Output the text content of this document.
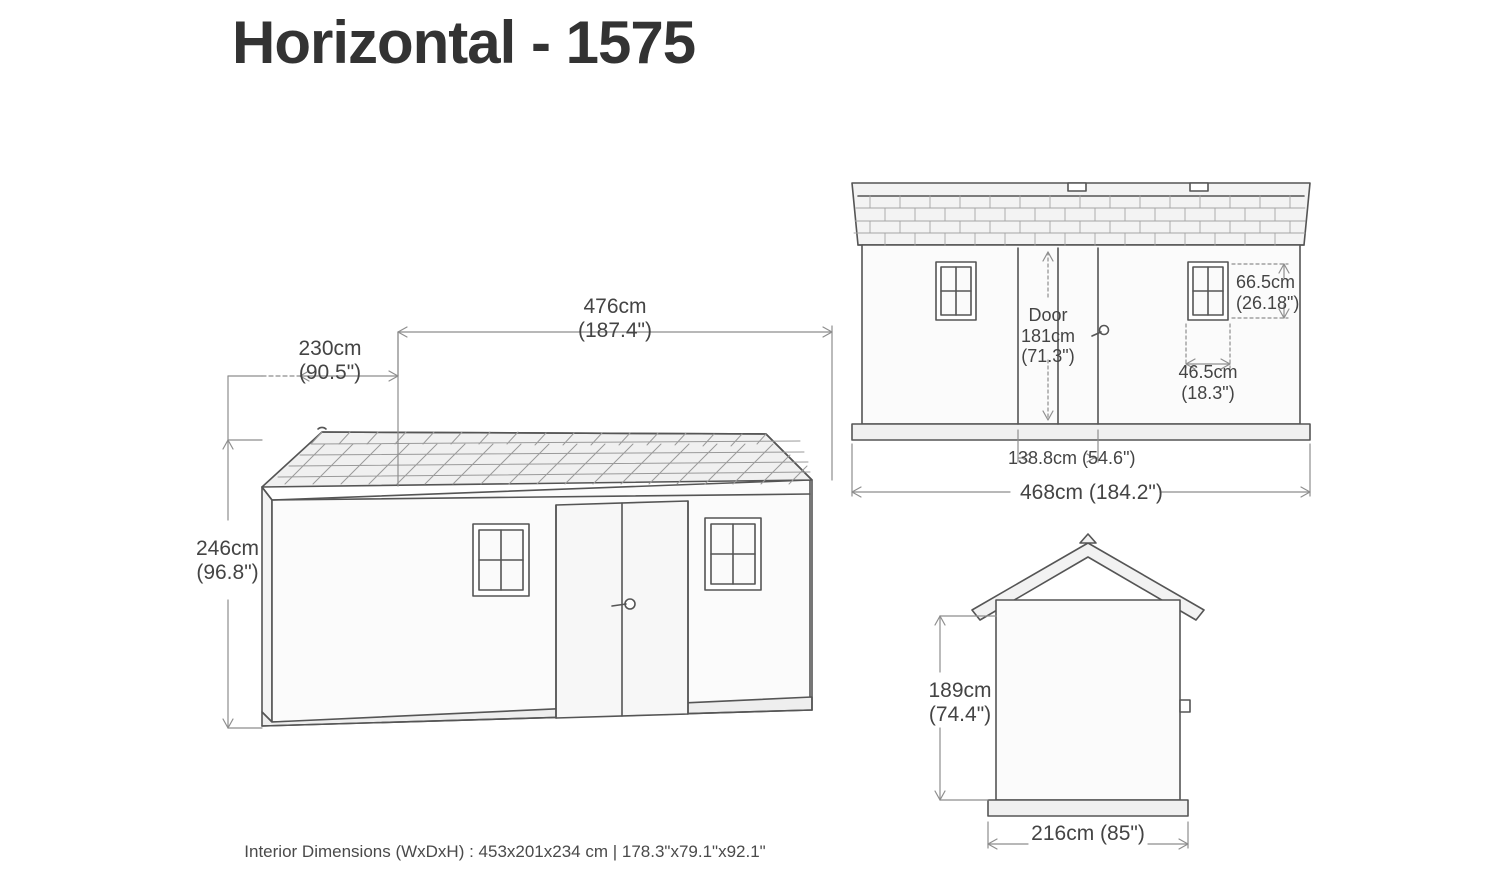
Horizontal - 1575
476cm
(187.4")
230cm
(90.5")
246cm
(96.8")
Door
181cm
(71.3")
66.5cm
(26.18")
46.5cm
(18.3")
138.8cm (54.6")
468cm (184.2")
189cm
(74.4")
216cm (85")
Interior Dimensions (WxDxH) : 453x201x234 cm | 178.3"x79.1"x92.1"
